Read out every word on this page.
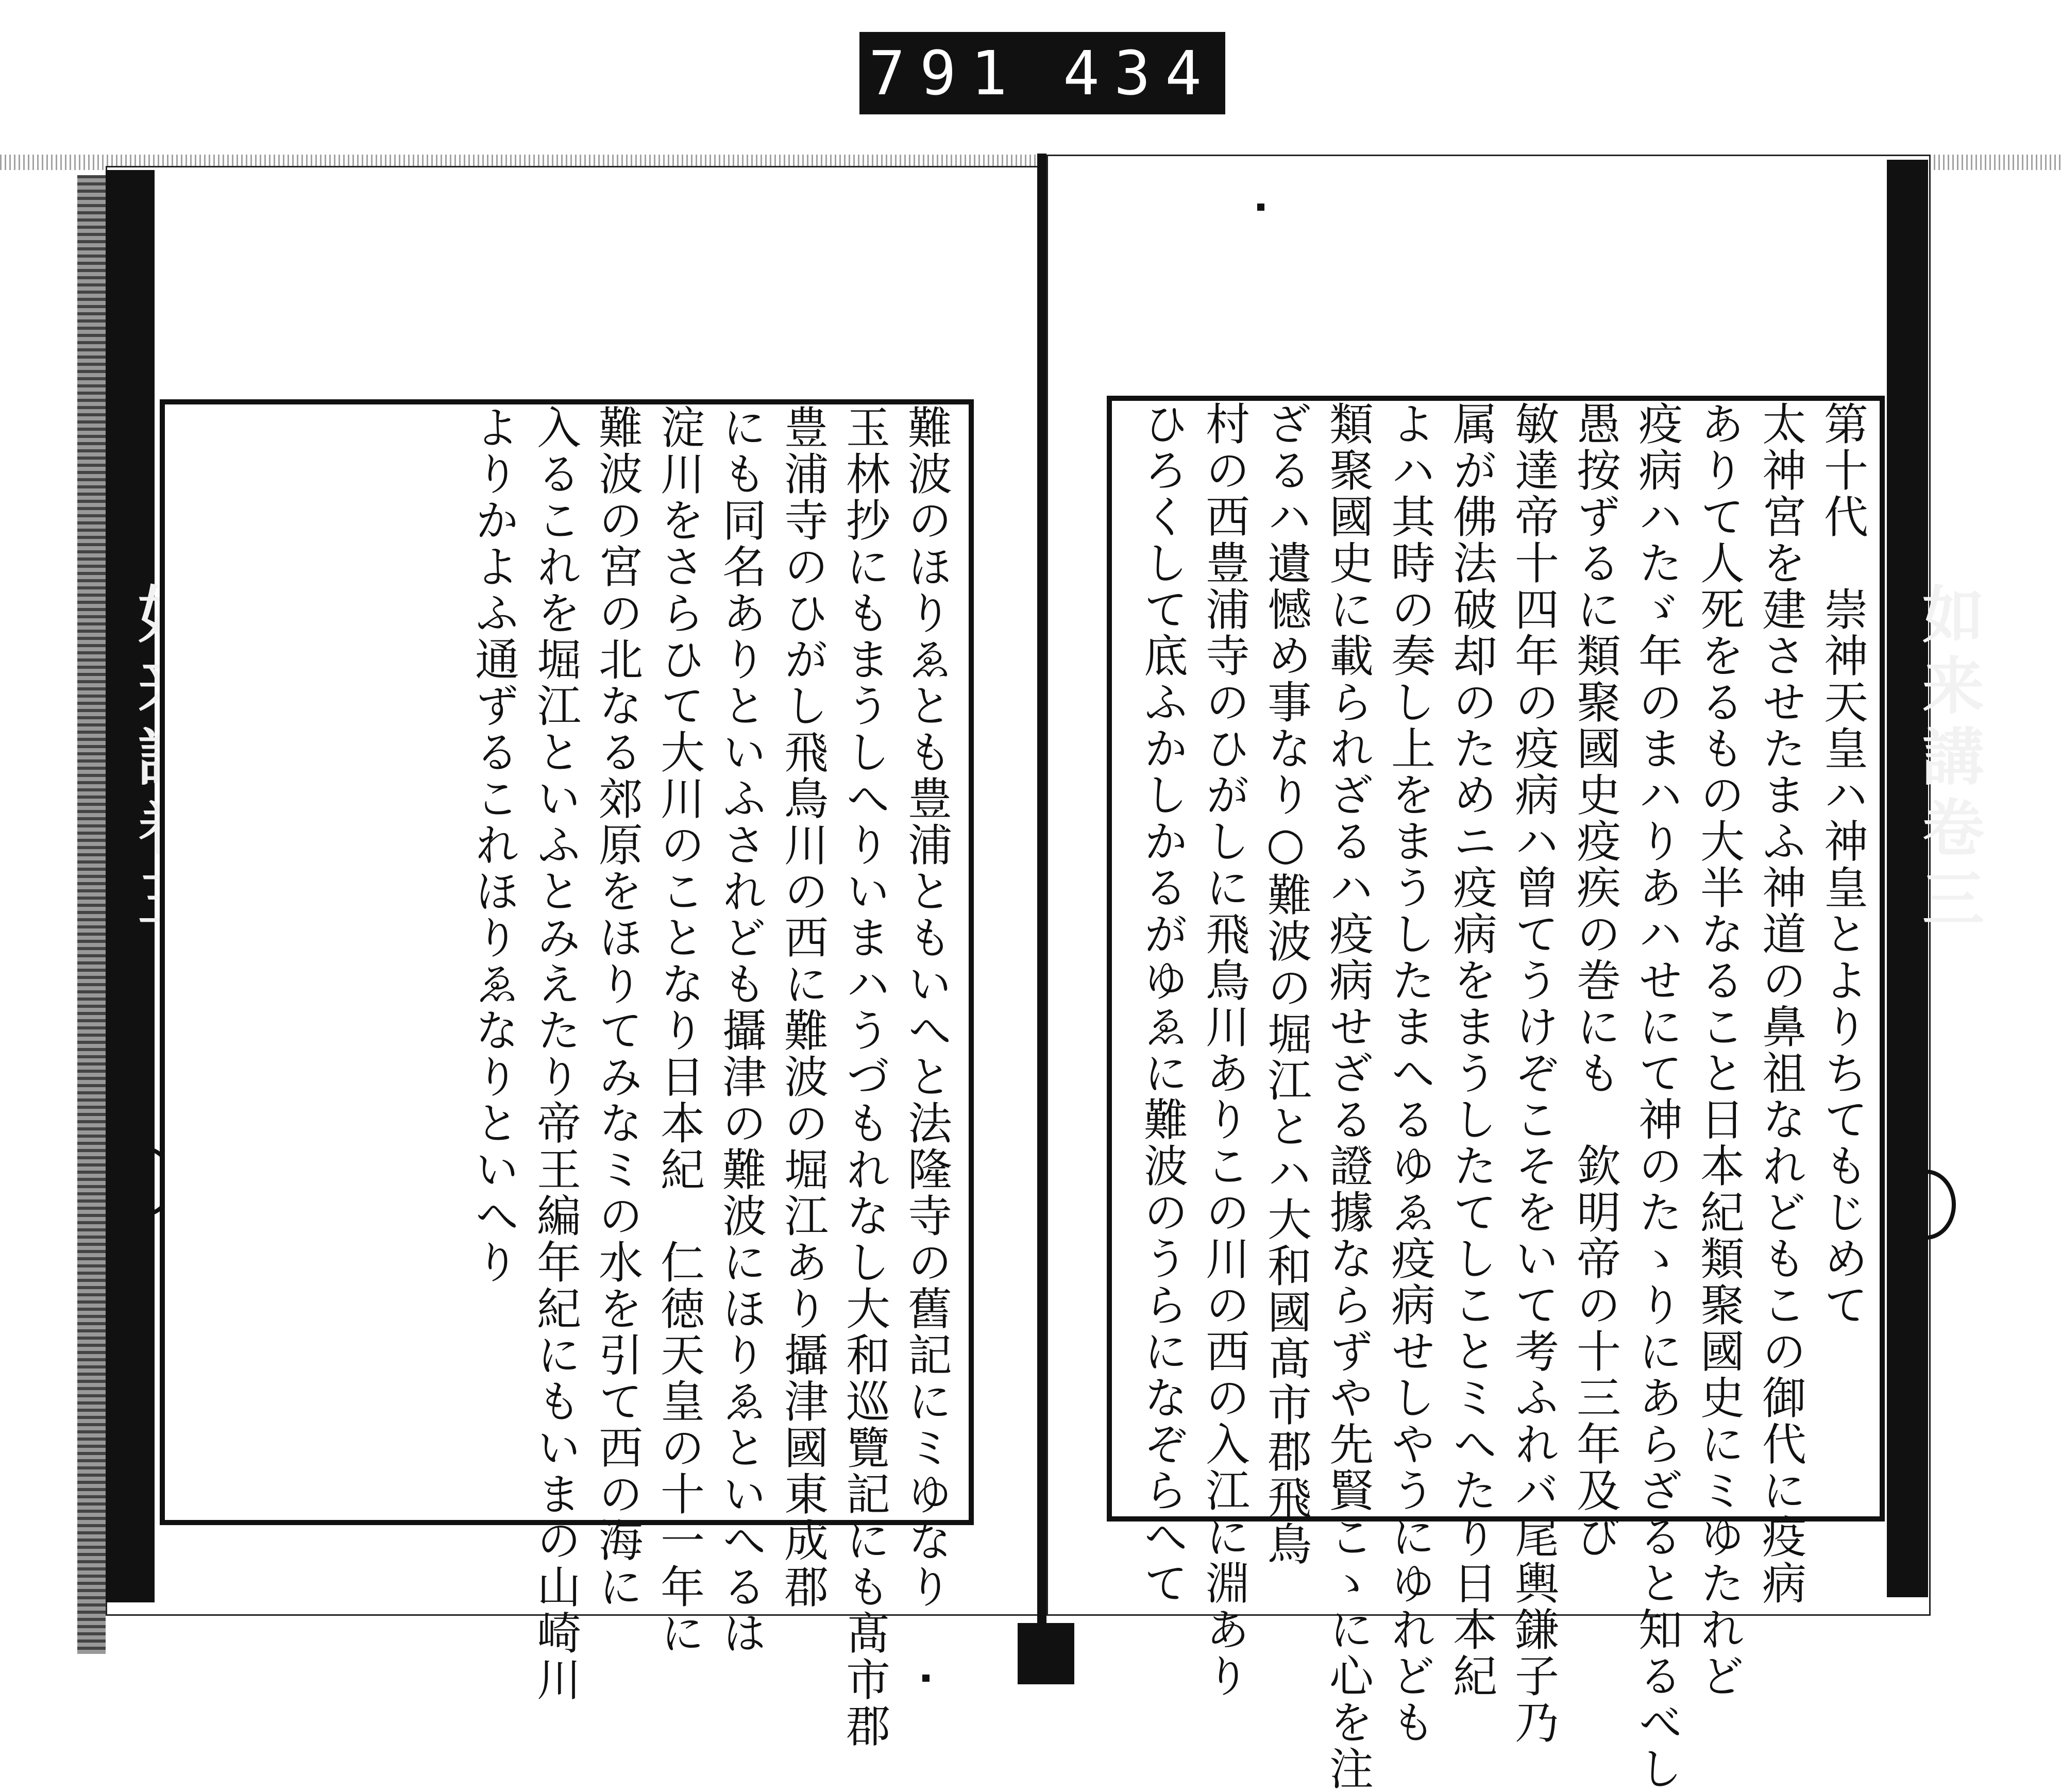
791 434
難波のほりゑとも豊浦ともいへと法隆寺の舊記にミゆなり
玉林抄にもまうしへりいまハうづもれなし大和巡覽記にも髙市郡
豊浦寺のひがし飛鳥川の西に難波の堀江あり攝津國東成郡
にも同名ありといふされども攝津の難波にほりゑといへるは
淀川をさらひて大川のことなり日本紀　仁徳天皇の十一年に
難波の宮の北なる郊原をほりてみなミの水を引て西の海に
入るこれを堀江といふとみえたり帝王編年紀にもいまの山崎川
よりかよふ通ずるこれほりゑなりといへり	如来講卷三
第十代　崇神天皇ハ神皇とよりちてもじめて
太神宮を建させたまふ神道の鼻祖なれどもこの御代に疫病
ありて人死をるもの大半なること日本紀類聚國史にミゆたれど
疫病ハたゞ年のまハりあハせにて神のたゝりにあらざると知るべし
愚按ずるに類聚國史疫疾の巻にも　欽明帝の十三年及び
敏達帝十四年の疫病ハ曾てうけぞこそをいて考ふれバ尾輿鎌子乃
属が佛法破却のためニ疫病をまうしたてしことミへたり日本紀
よハ其時の奏し上をまうしたまへるゆゑ疫病せしやうにゆれども
類聚國史に載られざるハ疫病せざる證據ならずや先賢こゝに心を注
ざるハ遺憾め事なり○難波の堀江とハ大和國髙市郡飛鳥
村の西豊浦寺のひがしに飛鳥川ありこの川の西の入江に淵あり
ひろくして底ふかしかるがゆゑに難波のうらになぞらへて
